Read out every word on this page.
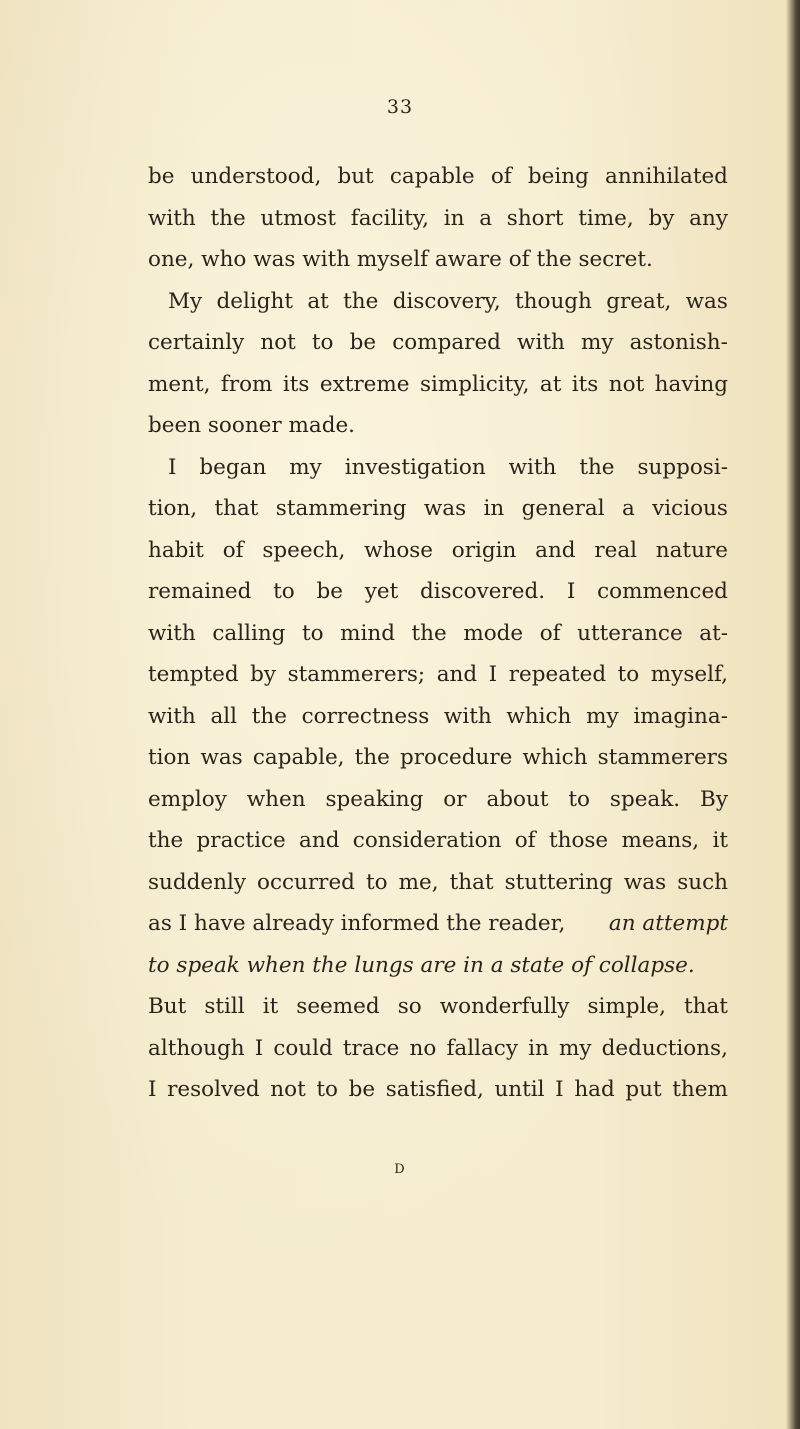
33
be understood, but capable of being annihilated
with the utmost facility, in a short time, by any
one, who was with myself aware of the secret.
My delight at the discovery, though great, was
certainly not to be compared with my astonish-
ment, from its extreme simplicity, at its not having
been sooner made.
I began my investigation with the supposi-
tion, that stammering was in general a vicious
habit of speech, whose origin and real nature
remained to be yet discovered. I commenced
with calling to mind the mode of utterance at-
tempted by stammerers; and I repeated to myself,
with all the correctness with which my imagina-
tion was capable, the procedure which stammerers
employ when speaking or about to speak. By
the practice and consideration of those means, it
suddenly occurred to me, that stuttering was such
as I have already informed the reader, an attempt
to speak when the lungs are in a state of collapse.
But still it seemed so wonderfully simple, that
although I could trace no fallacy in my deductions,
I resolved not to be satisfied, until I had put them
D
